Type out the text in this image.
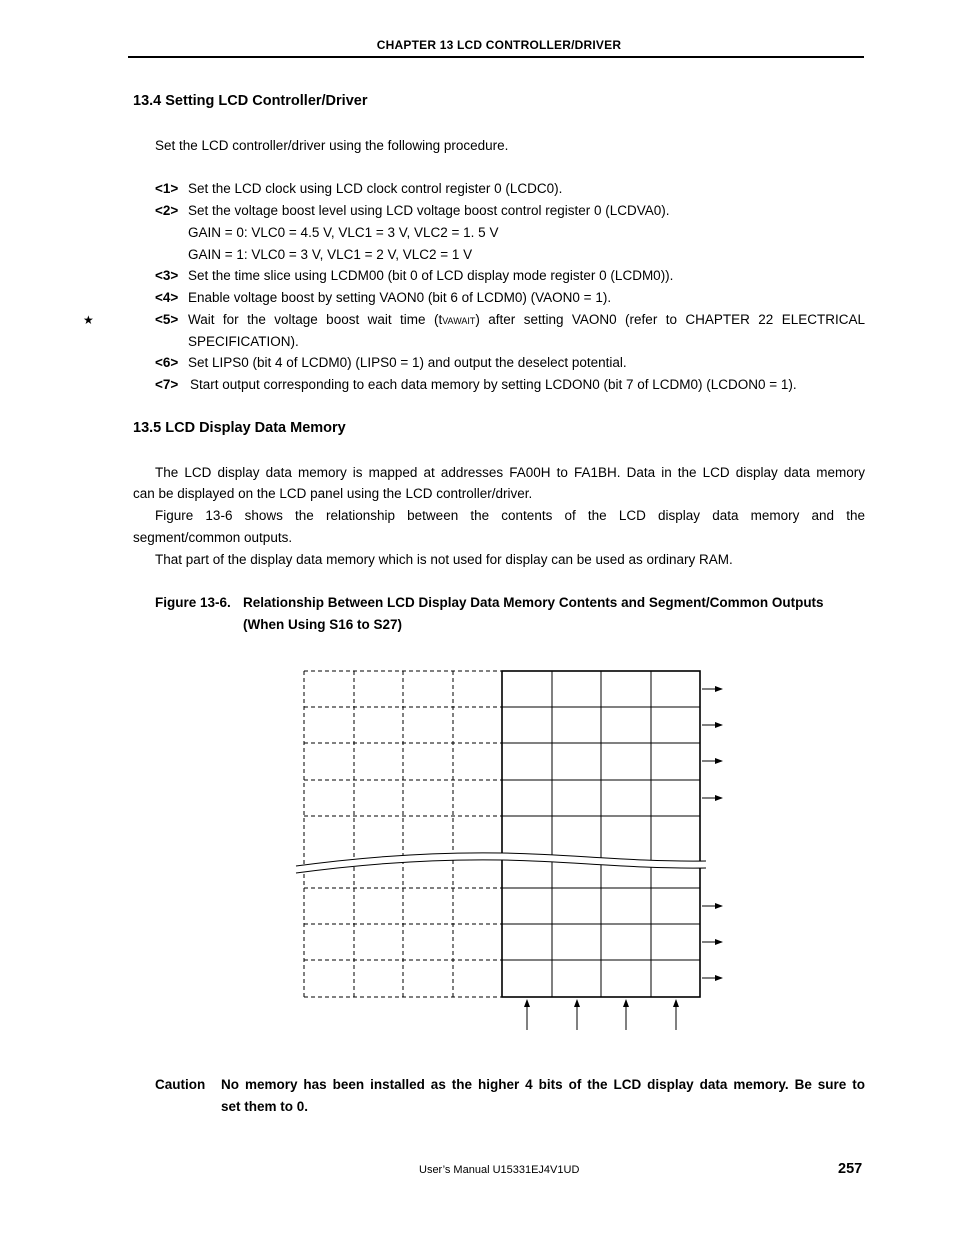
CHAPTER 13 LCD CONTROLLER/DRIVER
13.4 Setting LCD Controller/Driver
Set the LCD controller/driver using the following procedure.
<1> Set the LCD clock using LCD clock control register 0 (LCDC0).
<2> Set the voltage boost level using LCD voltage boost control register 0 (LCDVA0).
GAIN = 0: VLC0 = 4.5 V, VLC1 = 3 V, VLC2 = 1. 5 V
GAIN = 1: VLC0 = 3 V, VLC1 = 2 V, VLC2 = 1 V
<3> Set the time slice using LCDM00 (bit 0 of LCD display mode register 0 (LCDM0)).
<4> Enable voltage boost by setting VAON0 (bit 6 of LCDM0) (VAON0 = 1).
★	<5> Wait for the voltage boost wait time (tVAWAIT) after setting VAON0 (refer to CHAPTER 22 ELECTRICAL
SPECIFICATION).
<6> Set LIPS0 (bit 4 of LCDM0) (LIPS0 = 1) and output the deselect potential.
<7> Start output corresponding to each data memory by setting LCDON0 (bit 7 of LCDM0) (LCDON0 = 1).
13.5 LCD Display Data Memory
The LCD display data memory is mapped at addresses FA00H to FA1BH. Data in the LCD display data memory
can be displayed on the LCD panel using the LCD controller/driver.
Figure 13-6 shows the relationship between the contents of the LCD display data memory and the
segment/common outputs.
That part of the display data memory which is not used for display can be used as ordinary RAM.
Figure 13-6. Relationship Between LCD Display Data Memory Contents and Segment/Common Outputs
(When Using S16 to S27)
Caution No memory has been installed as the higher 4 bits of the LCD display data memory. Be sure to
set them to 0.
User’s Manual U15331EJ4V1UD	257
